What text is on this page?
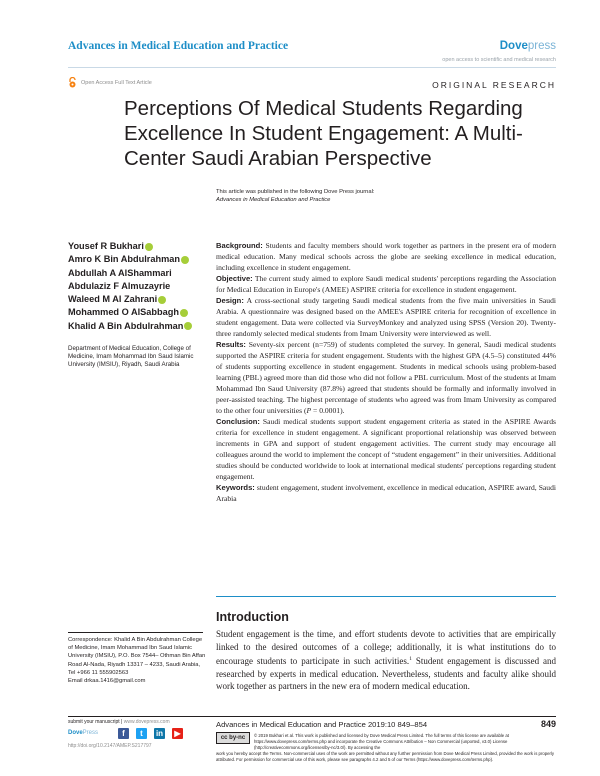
Advances in Medical Education and Practice	Dovepress
open access to scientific and medical research
Open Access Full Text Article	ORIGINAL RESEARCH
Perceptions Of Medical Students Regarding Excellence In Student Engagement: A Multi-Center Saudi Arabian Perspective
This article was published in the following Dove Press journal:
Advances in Medical Education and Practice
Yousef R Bukhari
Amro K Bin Abdulrahman
Abdullah A AlShammari
Abdulaziz F Almuzayrie
Waleed M Al Zahrani
Mohammed O AlSabbagh
Khalid A Bin Abdulrahman
Department of Medical Education, College of Medicine, Imam Mohammad Ibn Saud Islamic University (IMSIU), Riyadh, Saudi Arabia

Background: Students and faculty members should work together as partners in the present era of modern medical education. Many medical schools across the globe are seeking excellence in medical education, including excellence in student engagement.

Objective: The current study aimed to explore Saudi medical students' perceptions regarding the Association for Medical Education in Europe's (AMEE) ASPIRE criteria for excellence in student engagement.

Design: A cross-sectional study targeting Saudi medical students from the five main universities in Saudi Arabia. A questionnaire was designed based on the AMEE's ASPIRE criteria for recognition of excellence in student engagement. Data were collected via SurveyMonkey and analyzed using SPSS (Version 20). Twenty-three randomly selected medical students from Imam University were interviewed as well.

Results: Seventy-six percent (n=759) of students completed the survey. In general, Saudi medical students supported the ASPIRE criteria for student engagement. Students with the highest GPA (4.5–5) constituted 44% of students supporting excellence in student engagement. Students in medical schools using problem-based learning (PBL) agreed more than did those who did not follow a PBL curriculum. Most of the students at Imam Mohammad Ibn Saud University (87.8%) agreed that students should be formally and informally involved in peer-assisted teaching. The highest percentage of students who agreed was from Imam University as compared to the other four universities (P = 0.0001).

Conclusion: Saudi medical students support student engagement criteria as stated in the ASPIRE Awards criteria for excellence in student engagement. A significant proportional relationship was observed between increments in GPA and support of student engagement activities. The current study may encourage all colleagues around the world to implement the concept of “student engagement” in their universities. Additional studies should be conducted worldwide to look at international medical students' perceptions regarding student engagement.

Keywords: student engagement, student involvement, excellence in medical education, ASPIRE award, Saudi Arabia

Introduction
Student engagement is the time, and effort students devote to activities that are empirically linked to the desired outcomes of a college; additionally, it is what institutions do to encourage students to participate in such activities.$^1$ Student engagement is discussed and researched by experts in medical education. Nevertheless, students and faculty alike should work together as partners in the new era of modern medical education.
Correspondence: Khalid A Bin Abdulrahman College of Medicine, Imam Mohammad Ibn Saud Islamic University (IMSIU), P.O. Box 7544– Othman Bin Affan Road Al-Nada, Riyadh 13317 – 4233, Saudi Arabia, Tel +966 11 555902563
Email drkaa.1416@gmail.com
submit your manuscript | www.dovepress.com
DovePress	f	t	in	▶
http://doi.org/10.2147/AMEP.S217797
Advances in Medical Education and Practice 2019:10 849–854	849
cc by-nc	© 2019 Bukhari et al. This work is published and licensed by Dove Medical Press Limited. The full terms of this license are available at https://www.dovepress.com/terms.php and incorporate the Creative Commons Attribution – Non Commercial (unported, v3.0) License (http://creativecommons.org/licenses/by-nc/3.0/). By accessing the
work you hereby accept the Terms. Non-commercial uses of the work are permitted without any further permission from Dove Medical Press Limited, provided the work is properly attributed. For permission for commercial use of this work, please see paragraphs 4.2 and 5 of our Terms (https://www.dovepress.com/terms.php).
